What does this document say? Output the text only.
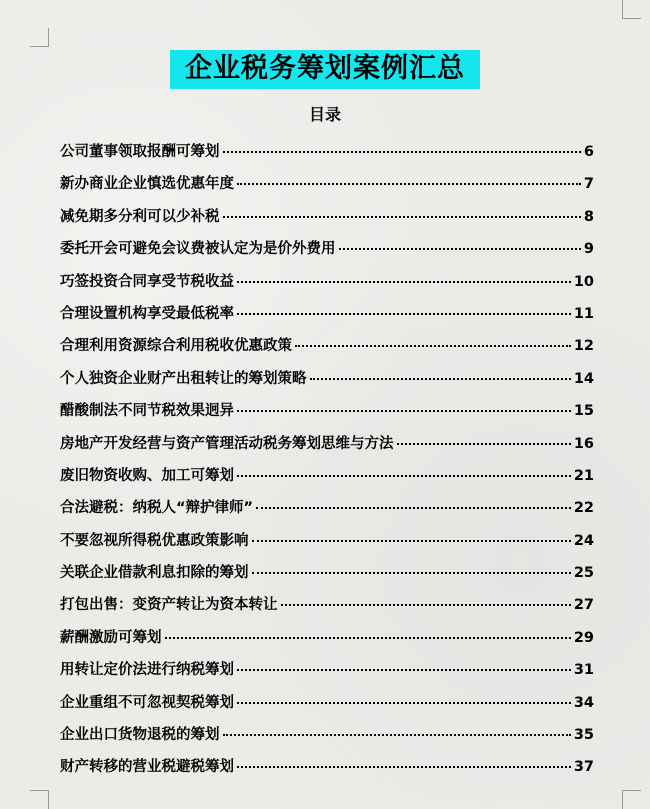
企业税务筹划案例汇总
目录
公司董事领取报酬可筹划	6
新办商业企业慎选优惠年度	7
减免期多分利可以少补税	8
委托开会可避免会议费被认定为是价外费用	9
巧签投资合同享受节税收益	10
合理设置机构享受最低税率	11
合理利用资源综合利用税收优惠政策	12
个人独资企业财产出租转让的筹划策略	14
醋酸制法不同节税效果迥异	15
房地产开发经营与资产管理活动税务筹划思维与方法	16
废旧物资收购、加工可筹划	21
合法避税：纳税人“辩护律师”	22
不要忽视所得税优惠政策影响	24
关联企业借款利息扣除的筹划	25
打包出售：变资产转让为资本转让	27
薪酬激励可筹划	29
用转让定价法进行纳税筹划	31
企业重组不可忽视契税筹划	34
企业出口货物退税的筹划	35
财产转移的营业税避税筹划	37
